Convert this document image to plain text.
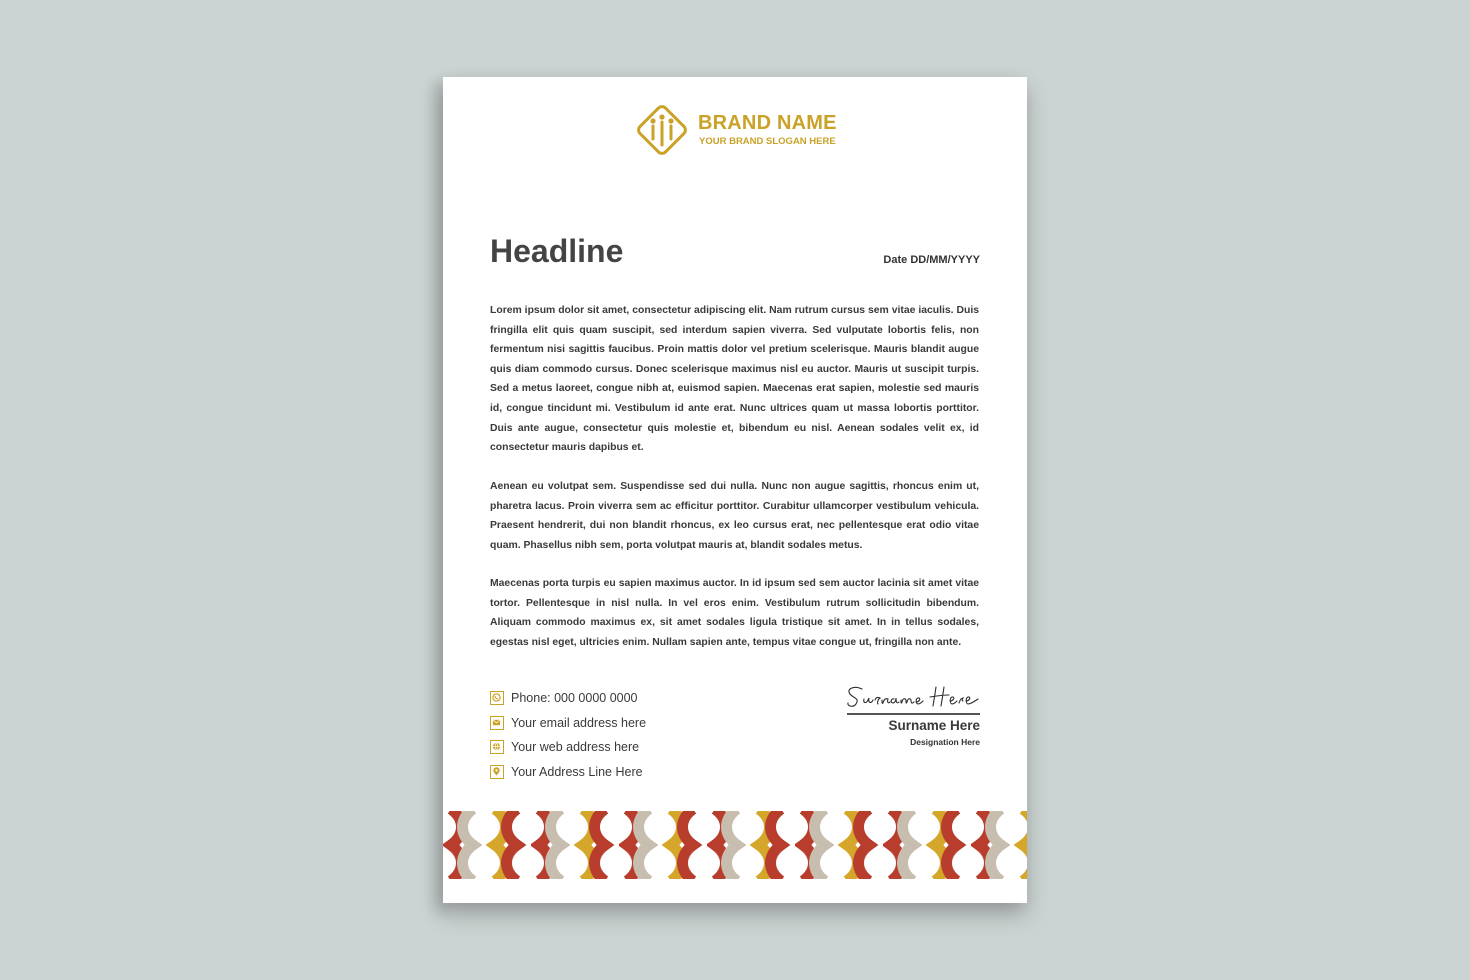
BRAND NAME
YOUR BRAND SLOGAN HERE
Headline	Date DD/MM/YYYY

Lorem ipsum dolor sit amet, consectetur adipiscing elit. Nam rutrum cursus sem vitae iaculis. Duis fringilla elit quis quam suscipit, sed interdum sapien viverra. Sed vulputate lobortis felis, non fermentum nisi sagittis faucibus. Proin mattis dolor vel pretium scelerisque. Mauris blandit augue quis diam commodo cursus. Donec scelerisque maximus nisl eu auctor. Mauris ut suscipit turpis. Sed a metus laoreet, congue nibh at, euismod sapien. Maecenas erat sapien, molestie sed mauris id, congue tincidunt mi. Vestibulum id ante erat. Nunc ultrices quam ut massa lobortis porttitor. Duis ante augue, consectetur quis molestie et, bibendum eu nisl. Aenean sodales velit ex, id consectetur mauris dapibus et.

Aenean eu volutpat sem. Suspendisse sed dui nulla. Nunc non augue sagittis, rhoncus enim ut, pharetra lacus. Proin viverra sem ac efficitur porttitor. Curabitur ullamcorper vestibulum vehicula. Praesent hendrerit, dui non blandit rhoncus, ex leo cursus erat, nec pellentesque erat odio vitae quam. Phasellus nibh sem, porta volutpat mauris at, blandit sodales metus.

Maecenas porta turpis eu sapien maximus auctor. In id ipsum sed sem auctor lacinia sit amet vitae tortor. Pellentesque in nisl nulla. In vel eros enim. Vestibulum rutrum sollicitudin bibendum. Aliquam commodo maximus ex, sit amet sodales ligula tristique sit amet. In in tellus sodales, egestas nisl eget, ultricies enim. Nullam sapien ante, tempus vitae congue ut, fringilla non ante.

Phone: 000 0000 0000
Your email address here
Your web address here
Your Address Line Here
Surname Here
Designation Here
